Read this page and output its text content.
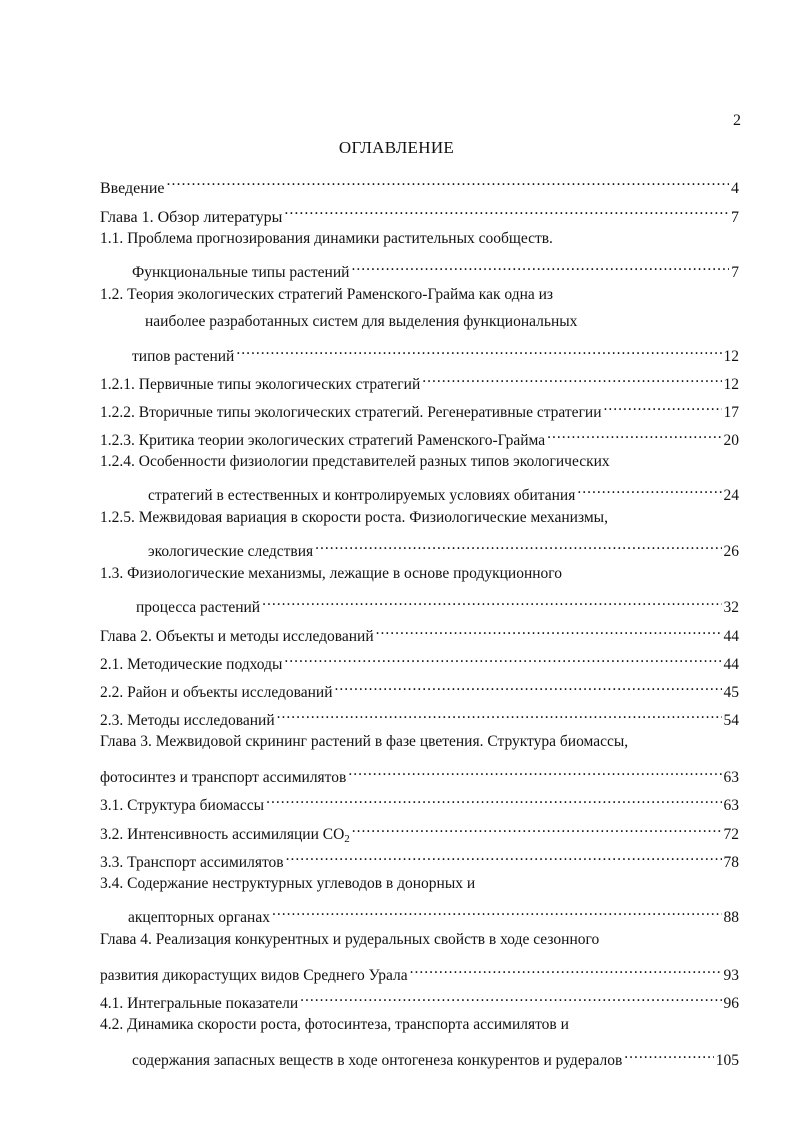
2
ОГЛАВЛЕНИЕ
Введение .....	4
Глава 1. Обзор литературы .....	7
1.1. Проблема прогнозирования динамики растительных сообществ.
Функциональные типы растений .....	7
1.2. Теория экологических стратегий Раменского-Грайма как одна из
наиболее разработанных систем для выделения функциональных
типов растений .....	12
1.2.1. Первичные типы экологических стратегий .....	12
1.2.2. Вторичные типы экологических стратегий. Регенеративные стратегии .....	17
1.2.3. Критика теории экологических стратегий Раменского-Грайма .....	20
1.2.4. Особенности физиологии представителей разных типов экологических
стратегий в естественных и контролируемых условиях обитания .....	24
1.2.5. Межвидовая вариация в скорости роста. Физиологические механизмы,
экологические следствия .....	26
1.3. Физиологические механизмы, лежащие в основе продукционного
процесса растений .....	32
Глава 2. Объекты и методы исследований .....	44
2.1. Методические подходы .....	44
2.2. Район и объекты исследований .....	45
2.3. Методы исследований .....	54
Глава 3. Межвидовой скрининг растений в фазе цветения. Структура биомассы,
фотосинтез и транспорт ассимилятов .....	63
3.1. Структура биомассы .....	63
3.2. Интенсивность ассимиляции $CO_2$ .....	72
3.3. Транспорт ассимилятов .....	78
3.4. Содержание неструктурных углеводов в донорных и
акцепторных органах .....	88
Глава 4. Реализация конкурентных и рудеральных свойств в ходе сезонного
развития дикорастущих видов Среднего Урала .....	93
4.1. Интегральные показатели .....	96
4.2. Динамика скорости роста, фотосинтеза, транспорта ассимилятов и
содержания запасных веществ в ходе онтогенеза конкурентов и рудералов .....	105
